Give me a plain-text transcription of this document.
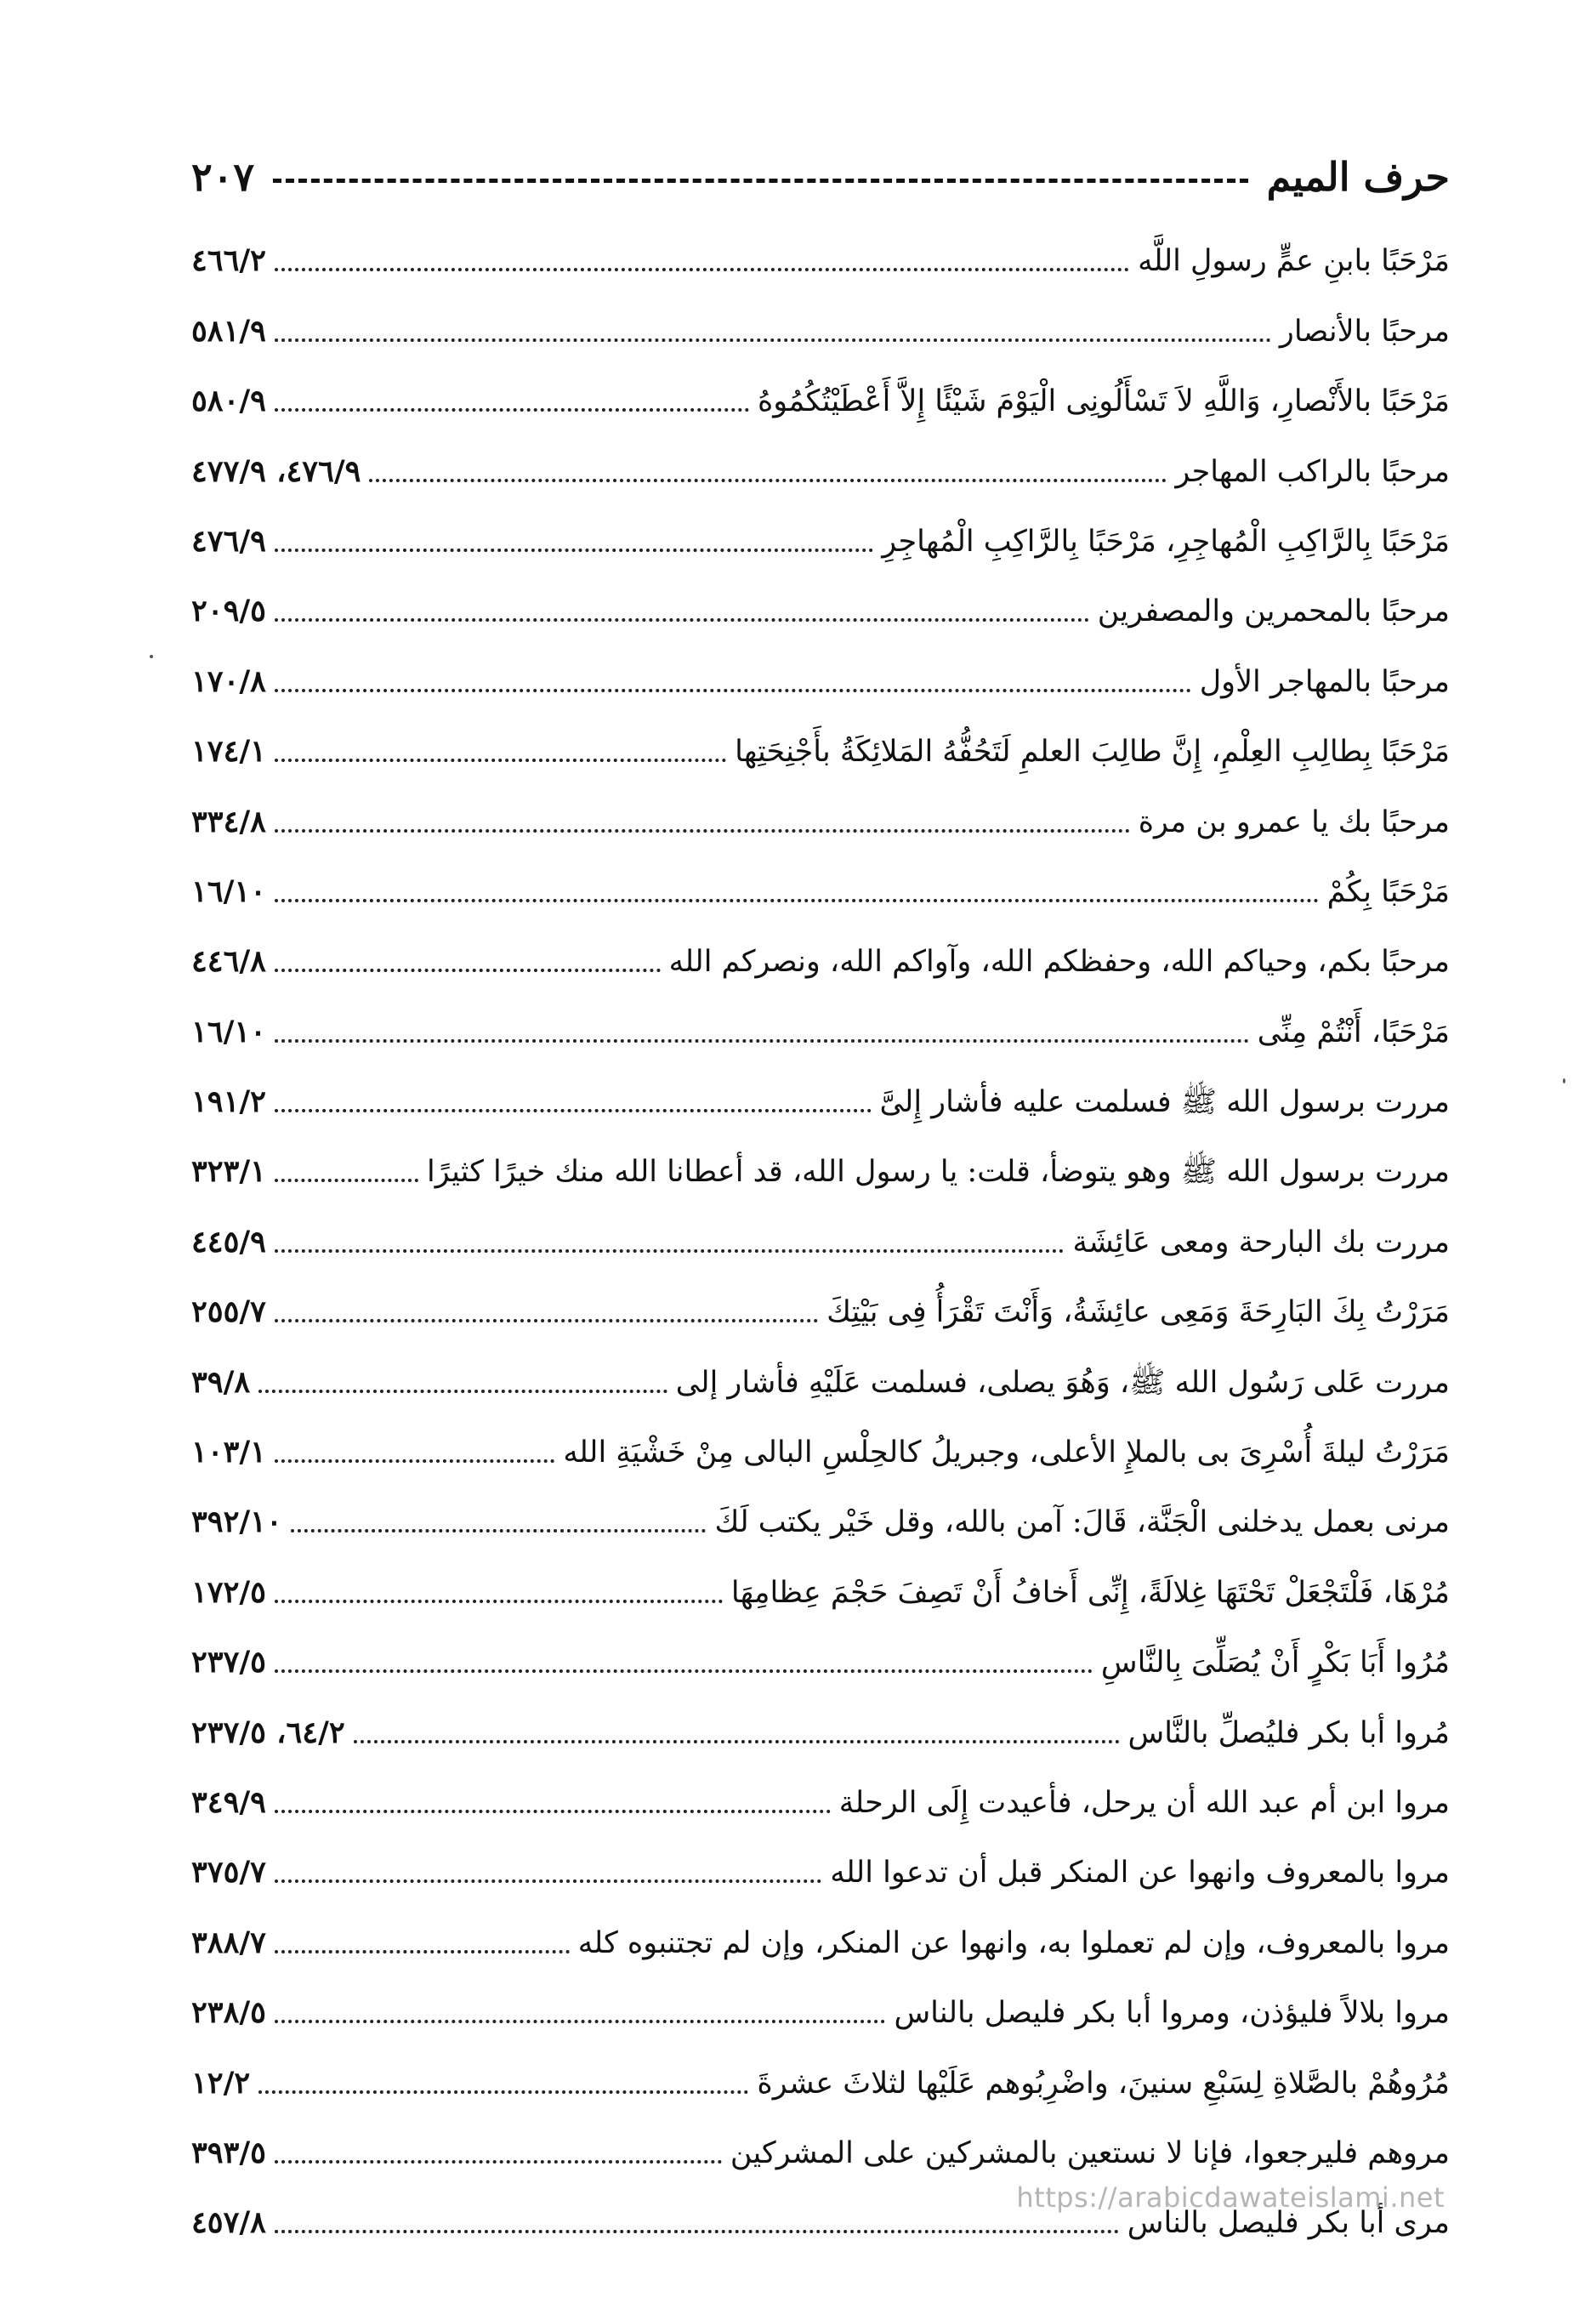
حرف الميم
٢٠٧
مَرْحَبًا بابنِ عمٍّ رسولِ اللَّه
٤٦٦/٢
مرحبًا بالأنصار
٥٨١/٩
مَرْحَبًا بالأَنْصارِ، وَاللَّهِ لاَ تَسْأَلُونِى الْيَوْمَ شَيْئًا إِلاَّ أَعْطَيْتُكُمُوهُ
٥٨٠/٩
مرحبًا بالراكب المهاجر
٤٧٦/٩، ٤٧٧/٩
مَرْحَبًا بِالرَّاكِبِ الْمُهاجِرِ، مَرْحَبًا بِالرَّاكِبِ الْمُهاجِرِ
٤٧٦/٩
مرحبًا بالمحمرين والمصفرين
٢٠٩/٥
مرحبًا بالمهاجر الأول
١٧٠/٨
مَرْحَبًا بِطالِبِ العِلْمِ، إِنَّ طالِبَ العلمِ لَتَحُفُّهُ المَلائِكَةُ بأَجْنِحَتِها
١٧٤/١
مرحبًا بك يا عمرو بن مرة
٣٣٤/٨
مَرْحَبًا بِكُمْ
١٦/١٠
مرحبًا بكم، وحياكم الله، وحفظكم الله، وآواكم الله، ونصركم الله
٤٤٦/٨
مَرْحَبًا، أَنْتُمْ مِنِّى
١٦/١٠
مررت برسول الله ﷺ فسلمت عليه فأشار إِلىَّ
١٩١/٢
مررت برسول الله ﷺ وهو يتوضأ، قلت: يا رسول الله، قد أعطانا الله منك خيرًا كثيرًا
٣٢٣/١
مررت بك البارحة ومعى عَائِشَة
٤٤٥/٩
مَرَرْتُ بِكَ البَارِحَةَ وَمَعِى عائِشَةُ، وَأَنْتَ تَقْرَأُ فِى بَيْتِكَ
٢٥٥/٧
مررت عَلى رَسُول الله ﷺ، وَهُوَ يصلى، فسلمت عَلَيْهِ فأشار إلى
٣٩/٨
مَرَرْتُ ليلةَ أُسْرِىَ بى بالملإِ الأعلى، وجبريلُ كالحِلْسِ البالى مِنْ خَشْيَةِ الله
١٠٣/١
مرنى بعمل يدخلنى الْجَنَّة، قَالَ: آمن بالله، وقل خَيْر يكتب لَكَ
٣٩٢/١٠
مُرْهَا، فَلْتَجْعَلْ تَحْتَهَا غِلالَةً، إِنِّى أَخافُ أَنْ تَصِفَ حَجْمَ عِظامِهَا
١٧٢/٥
مُرُوا أَبَا بَكْرٍ أَنْ يُصَلِّىَ بِالنَّاسِ
٢٣٧/٥
مُروا أبا بكر فليُصلِّ بالنَّاس
٦٤/٢، ٢٣٧/٥
مروا ابن أم عبد الله أن يرحل، فأعيدت إِلَى الرحلة
٣٤٩/٩
مروا بالمعروف وانهوا عن المنكر قبل أن تدعوا الله
٣٧٥/٧
مروا بالمعروف، وإن لم تعملوا به، وانهوا عن المنكر، وإن لم تجتنبوه كله
٣٨٨/٧
مروا بلالاً فليؤذن، ومروا أبا بكر فليصل بالناس
٢٣٨/٥
مُرُوهُمْ بالصَّلاةِ لِسَبْعِ سنينَ، واضْرِبُوهم عَلَيْها لثلاثَ عشرةَ
١٢/٢
مروهم فليرجعوا، فإنا لا نستعين بالمشركين على المشركين
٣٩٣/٥
مرى أبا بكر فليصل بالناس
٤٥٧/٨
https://arabicdawateislami.net
